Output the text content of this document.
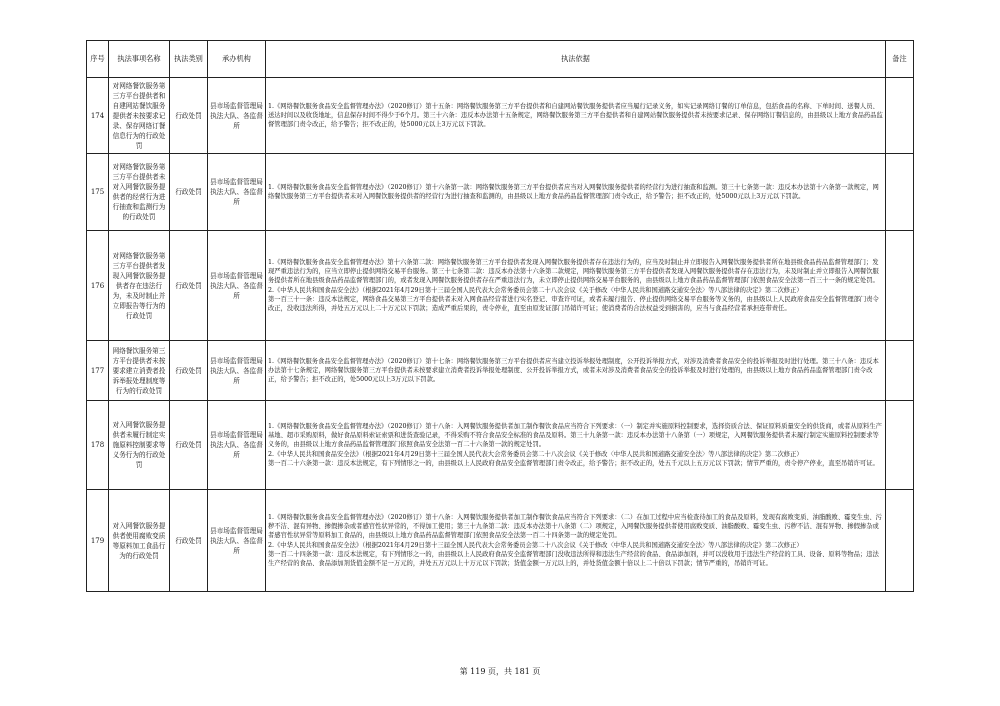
序号	执法事项名称	执法类别	承办机构	执法依据	备注
174	对网络餐饮服务第三方平台提供者和自建网站餐饮服务提供者未按要求记录、保存网络订餐信息行为的行政处罚	行政处罚	县市场监督管理局执法大队、各监督所	1.《网络餐饮服务食品安全监督管理办法》（2020修订）第十五条：网络餐饮服务第三方平台提供者和自建网站餐饮服务提供者应当履行记录义务，如实记录网络订餐的订单信息，包括食品的名称、下单时间、送餐人员、送达时间以及收货地址，信息保存时间不得少于6个月。第三十六条：违反本办法第十五条规定，网络餐饮服务第三方平台提供者和自建网站餐饮服务提供者未按要求记录、保存网络订餐信息的，由县级以上地方食品药品监督管理部门责令改正，给予警告；拒不改正的，处5000元以上3万元以下罚款。	

175	对网络餐饮服务第三方平台提供者未对入网餐饮服务提供者的经营行为进行抽查和监测行为的行政处罚	行政处罚	县市场监督管理局执法大队、各监督所	1.《网络餐饮服务食品安全监督管理办法》（2020修订）第十六条第一款：网络餐饮服务第三方平台提供者应当对入网餐饮服务提供者的经营行为进行抽查和监测。第三十七条第一款：违反本办法第十六条第一款规定，网络餐饮服务第三方平台提供者未对入网餐饮服务提供者的经营行为进行抽查和监测的，由县级以上地方食品药品监督管理部门责令改正，给予警告；拒不改正的，处5000元以上3万元以下罚款。	

176	对网络餐饮服务第三方平台提供者发现入网餐饮服务提供者存在违法行为，未及时制止并立即报告等行为的行政处罚	行政处罚	县市场监督管理局执法大队、各监督所	1.《网络餐饮服务食品安全监督管理办法》第十六条第二款：网络餐饮服务第三方平台提供者发现入网餐饮服务提供者存在违法行为的，应当及时制止并立即报告入网餐饮服务提供者所在地县级食品药品监督管理部门；发现严重违法行为的，应当立即停止提供网络交易平台服务。第三十七条第二款：违反本办法第十六条第二款规定，网络餐饮服务第三方平台提供者发现入网餐饮服务提供者存在违法行为，未及时制止并立即报告入网餐饮服务提供者所在地县级食品药品监督管理部门的，或者发现入网餐饮服务提供者存在严重违法行为，未立即停止提供网络交易平台服务的，由县级以上地方食品药品监督管理部门依照食品安全法第一百三十一条的规定处罚。2.《中华人民共和国食品安全法》（根据2021年4月29日第十三届全国人民代表大会常务委员会第二十八次会议《关于修改〈中华人民共和国道路交通安全法〉等八部法律的决定》第二次修正）
第一百三十一条：违反本法规定，网络食品交易第三方平台提供者未对入网食品经营者进行实名登记、审查许可证，或者未履行报告、停止提供网络交易平台服务等义务的，由县级以上人民政府食品安全监督管理部门责令改正，没收违法所得，并处五万元以上二十万元以下罚款；造成严重后果的，责令停业，直至由原发证部门吊销许可证；使消费者的合法权益受到损害的，应当与食品经营者承担连带责任。	

177	网络餐饮服务第三方平台提供者未按要求建立消费者投诉举报处理制度等行为的行政处罚	行政处罚	县市场监督管理局执法大队、各监督所	1.《网络餐饮服务食品安全监督管理办法》（2020修订）第十七条：网络餐饮服务第三方平台提供者应当建立投诉举报处理制度，公开投诉举报方式，对涉及消费者食品安全的投诉举报及时进行处理。第三十八条：违反本办法第十七条规定，网络餐饮服务第三方平台提供者未按要求建立消费者投诉举报处理制度、公开投诉举报方式，或者未对涉及消费者食品安全的投诉举报及时进行处理的，由县级以上地方食品药品监督管理部门责令改正，给予警告；拒不改正的，处5000元以上3万元以下罚款。	

178	对入网餐饮服务提供者未履行制定实施原料控制要求等义务行为的行政处罚	行政处罚	县市场监督管理局执法大队、各监督所	1.《网络餐饮服务食品安全监督管理办法》（2020修订）第十八条：入网餐饮服务提供者加工制作餐饮食品应当符合下列要求：（一）制定并实施原料控制要求，选择资质合法、保证原料质量安全的供货商，或者从原料生产基地、超市采购原料，做好食品原料索证索票和进货查验记录，不得采购不符合食品安全标准的食品及原料。第三十九条第一款：违反本办法第十八条第（一）项规定，入网餐饮服务提供者未履行制定实施原料控制要求等义务的，由县级以上地方食品药品监督管理部门依照食品安全法第一百二十六条第一款的规定处罚。
2.《中华人民共和国食品安全法》（根据2021年4月29日第十三届全国人民代表大会常务委员会第二十八次会议《关于修改〈中华人民共和国道路交通安全法〉等八部法律的决定》第二次修正）
第一百二十六条第一款：违反本法规定，有下列情形之一的，由县级以上人民政府食品安全监督管理部门责令改正，给予警告；拒不改正的，处五千元以上五万元以下罚款；情节严重的，责令停产停业，直至吊销许可证。	

179	对入网餐饮服务提供者使用腐败变质等原料加工食品行为的行政处罚	行政处罚	县市场监督管理局执法大队、各监督所	1.《网络餐饮服务食品安全监督管理办法》（2020修订）第十八条：入网餐饮服务提供者加工制作餐饮食品应当符合下列要求：（二）在加工过程中应当检查待加工的食品及原料，发现有腐败变质、油脂酸败、霉变生虫、污秽不洁、混有异物、掺假掺杂或者感官性状异常的，不得加工使用；第三十九条第二款：违反本办法第十八条第（二）项规定，入网餐饮服务提供者使用腐败变质、油脂酸败、霉变生虫、污秽不洁、混有异物、掺假掺杂或者感官性状异常等原料加工食品的，由县级以上地方食品药品监督管理部门依照食品安全法第一百二十四条第一款的规定处罚。
2.《中华人民共和国食品安全法》（根据2021年4月29日第十三届全国人民代表大会常务委员会第二十八次会议《关于修改〈中华人民共和国道路交通安全法〉等八部法律的决定》第二次修正）
第一百二十四条第一款：违反本法规定，有下列情形之一的，由县级以上人民政府食品安全监督管理部门没收违法所得和违法生产经营的食品、食品添加剂，并可以没收用于违法生产经营的工具、设备、原料等物品；违法生产经营的食品、食品添加剂货值金额不足一万元的，并处五万元以上十万元以下罚款；货值金额一万元以上的，并处货值金额十倍以上二十倍以下罚款；情节严重的，吊销许可证。	

第 119 页，共 181 页
